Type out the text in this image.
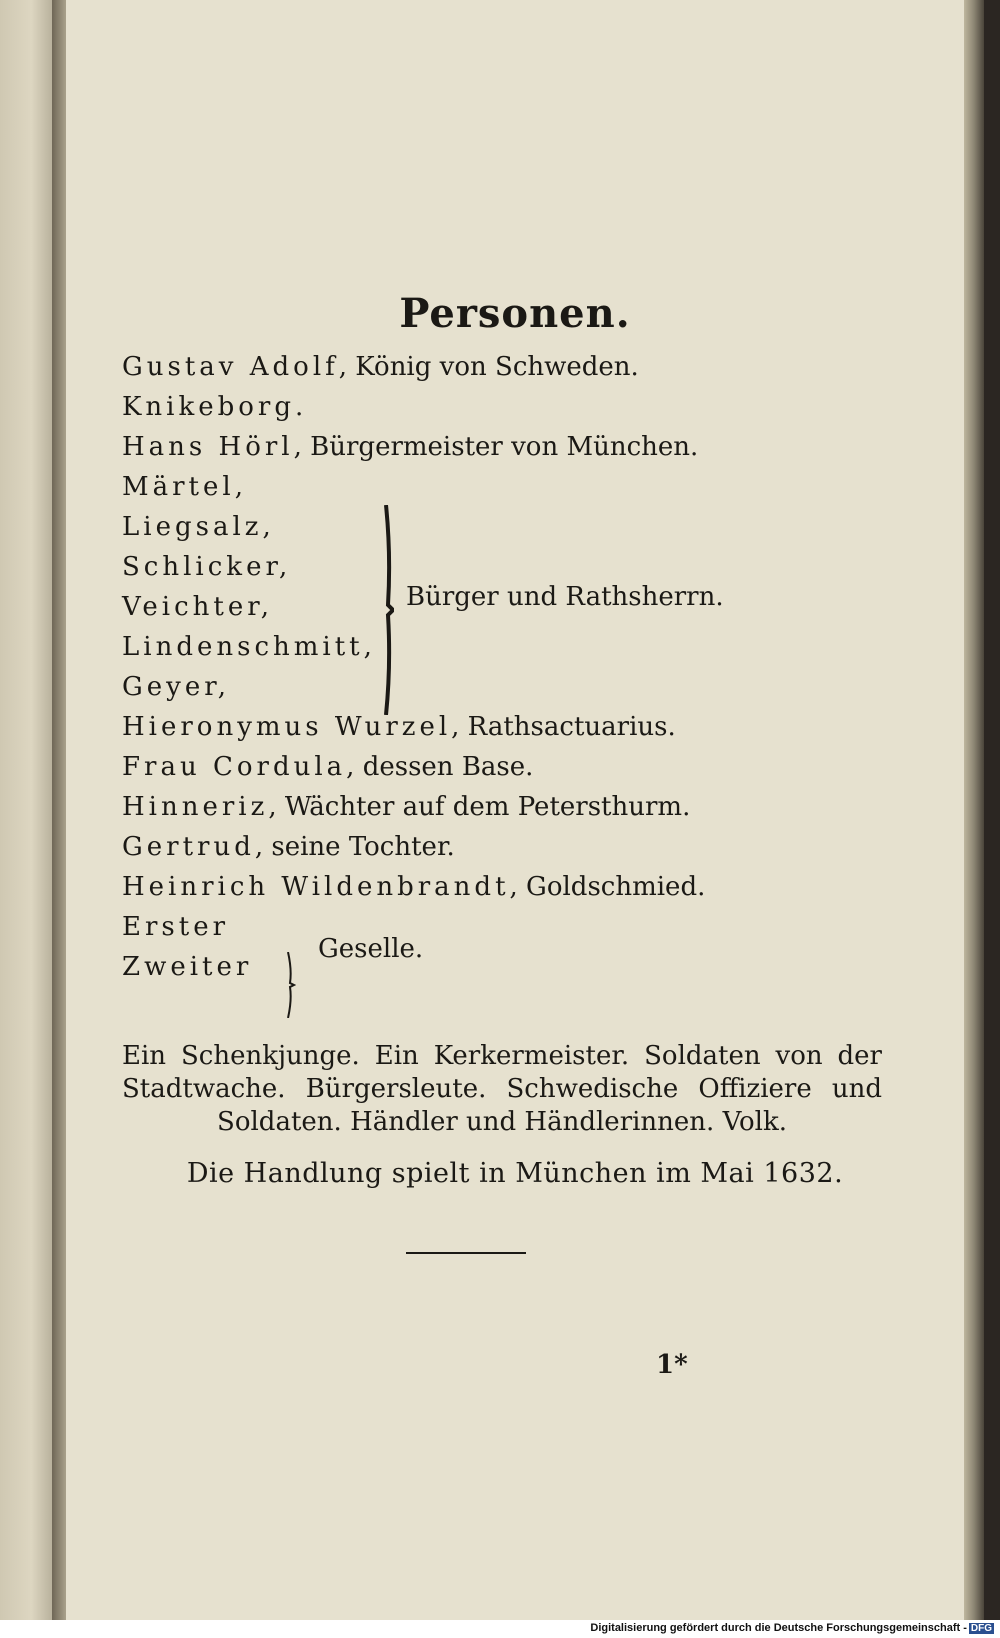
Personen.
Gustav Adolf, König von Schweden.
Knikeborg.
Hans Hörl, Bürgermeister von München.
Märtel,
Liegsalz,
Schlicker,
Veichter,
Lindenschmitt,
Geyer,
Bürger und Rathsherrn.
Hieronymus Wurzel, Rathsactuarius.
Frau Cordula, dessen Base.
Hinneriz, Wächter auf dem Petersthurm.
Gertrud, seine Tochter.
Heinrich Wildenbrandt, Goldschmied.
Erster
Zweiter
Geselle.
Ein Schenkjunge. Ein Kerkermeister. Soldaten von der Stadtwache. Bürgersleute. Schwedische Offiziere und Soldaten. Händler und Händlerinnen. Volk.
Die Handlung spielt in München im Mai 1632.
1*
Digitalisierung gefördert durch die Deutsche Forschungsgemeinschaft - DFG
